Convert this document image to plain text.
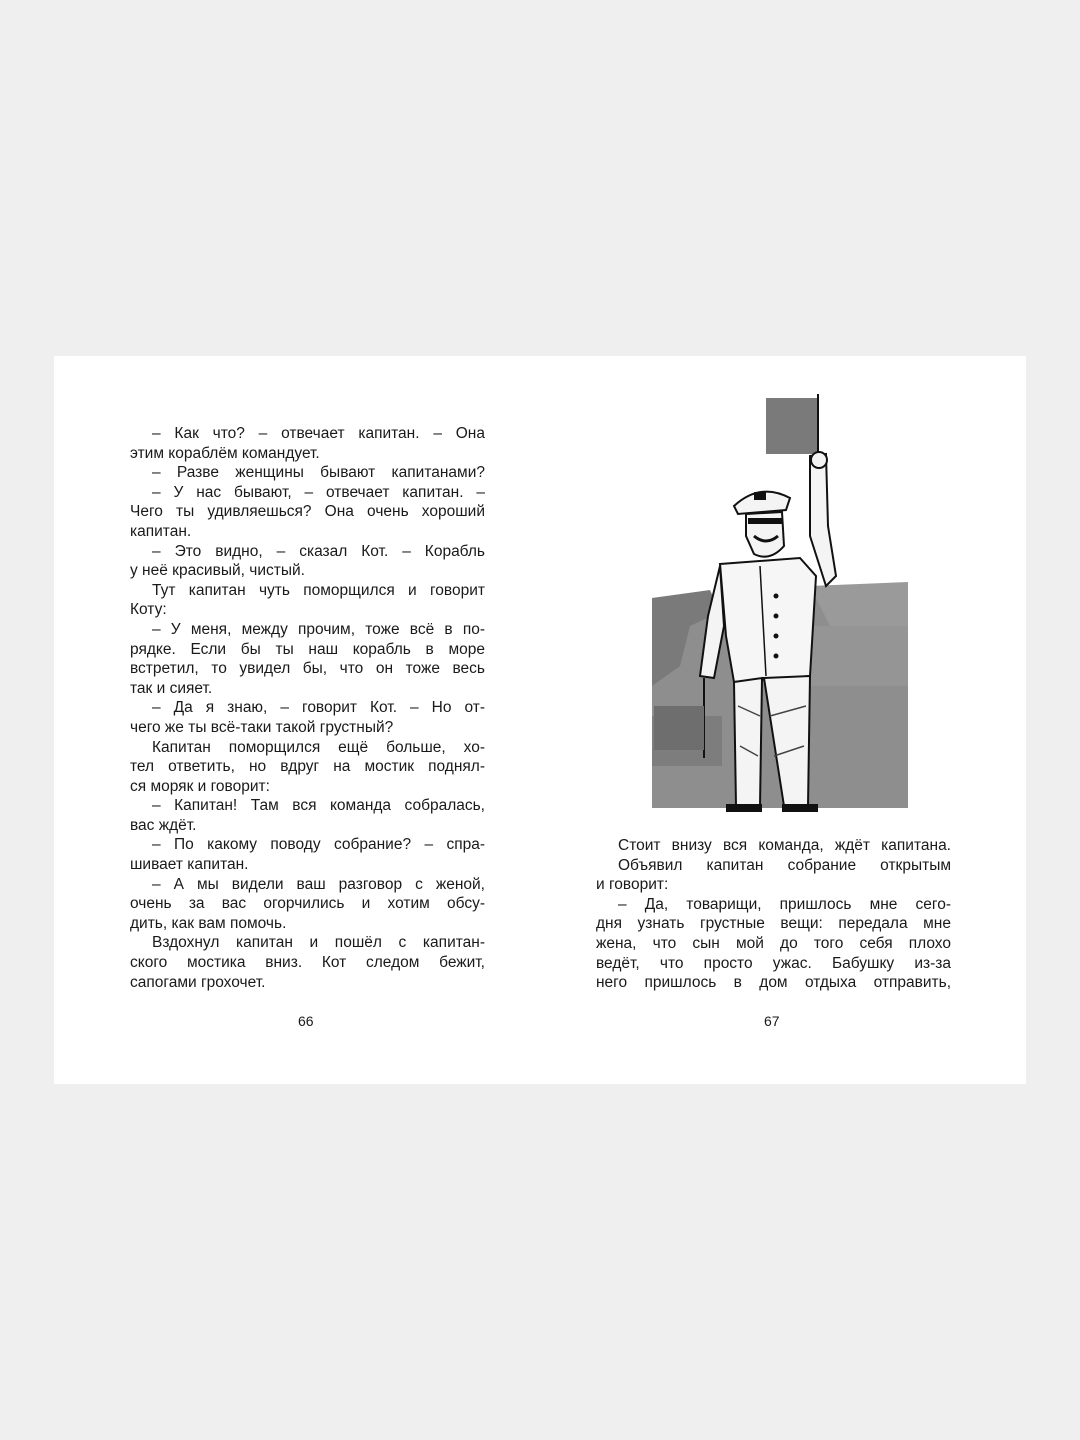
– Как что? – отвечает капитан. – Она
этим кораблём командует.
– Разве женщины бывают капитанами?
– У нас бывают, – отвечает капитан. –
Чего ты удивляешься? Она очень хороший
капитан.
– Это видно, – сказал Кот. – Корабль
у неё красивый, чистый.
Тут капитан чуть поморщился и говорит
Коту:
– У меня, между прочим, тоже всё в по-
рядке. Если бы ты наш корабль в море
встретил, то увидел бы, что он тоже весь
так и сияет.
– Да я знаю, – говорит Кот. – Но от-
чего же ты всё-таки такой грустный?
Капитан поморщился ещё больше, хо-
тел ответить, но вдруг на мостик поднял-
ся моряк и говорит:
– Капитан! Там вся команда собралась,
вас ждёт.
– По какому поводу собрание? – спра-
шивает капитан.
– А мы видели ваш разговор с женой,
очень за вас огорчились и хотим обсу-
дить, как вам помочь.
Вздохнул капитан и пошёл с капитан-
ского мостика вниз. Кот следом бежит,
сапогами грохочет.
66
Стоит внизу вся команда, ждёт капитана.
Объявил капитан собрание открытым
и говорит:
– Да, товарищи, пришлось мне сего-
дня узнать грустные вещи: передала мне
жена, что сын мой до того себя плохо
ведёт, что просто ужас. Бабушку из-за
него пришлось в дом отдыха отправить,
67
